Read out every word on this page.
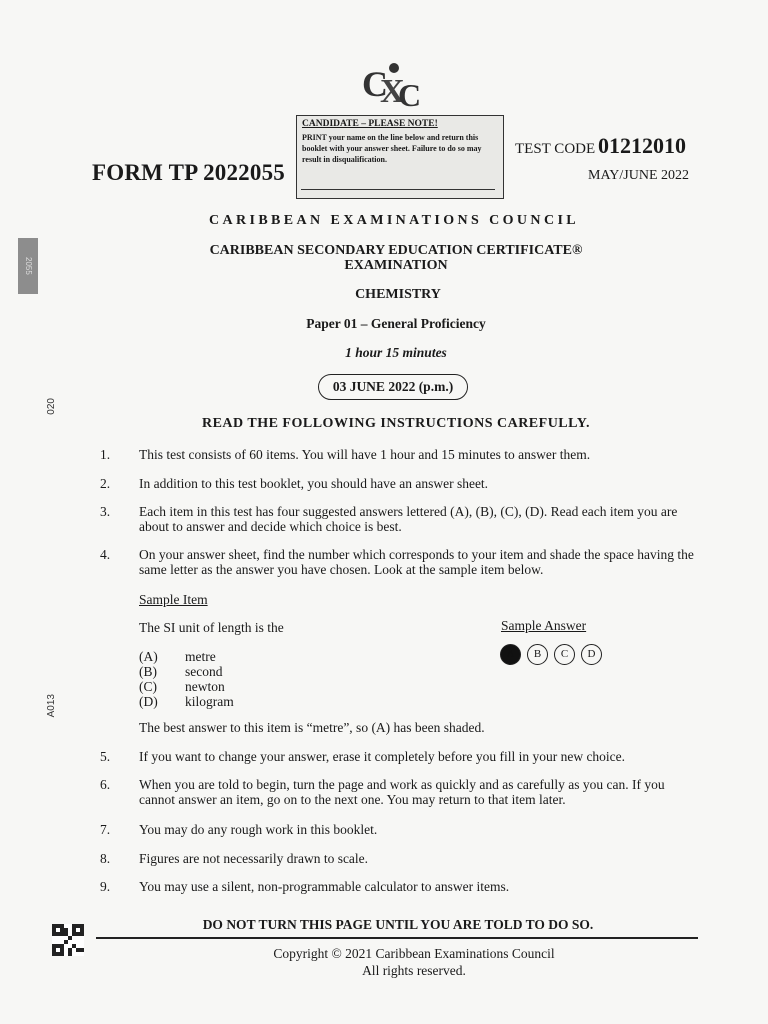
C
X
C
CANDIDATE – PLEASE NOTE!
PRINT your name on the line below and return this booklet with your answer sheet. Failure to do so may result in disqualification.
FORM TP 2022055
TEST CODE 01212010
MAY/JUNE 2022
CARIBBEAN EXAMINATIONS COUNCIL
CARIBBEAN SECONDARY EDUCATION CERTIFICATE®
EXAMINATION
CHEMISTRY
Paper 01 – General Proficiency
1 hour 15 minutes
03 JUNE 2022 (p.m.)
READ THE FOLLOWING INSTRUCTIONS CAREFULLY.
1. This test consists of 60 items. You will have 1 hour and 15 minutes to answer them.
2. In addition to this test booklet, you should have an answer sheet.
3. Each item in this test has four suggested answers lettered (A), (B), (C), (D). Read each item you are about to answer and decide which choice is best.
4. On your answer sheet, find the number which corresponds to your item and shade the space having the same letter as the answer you have chosen. Look at the sample item below.
Sample Item
The SI unit of length is the	Sample Answer
(A) metre
(B) second
(C) newton
(D) kilogram
A B C D
The best answer to this item is “metre”, so (A) has been shaded.
5. If you want to change your answer, erase it completely before you fill in your new choice.
6. When you are told to begin, turn the page and work as quickly and as carefully as you can. If you cannot answer an item, go on to the next one. You may return to that item later.
7. You may do any rough work in this booklet.
8. Figures are not necessarily drawn to scale.
9. You may use a silent, non-programmable calculator to answer items.
DO NOT TURN THIS PAGE UNTIL YOU ARE TOLD TO DO SO.
Copyright © 2021 Caribbean Examinations Council
All rights reserved.
2055
020
A013
